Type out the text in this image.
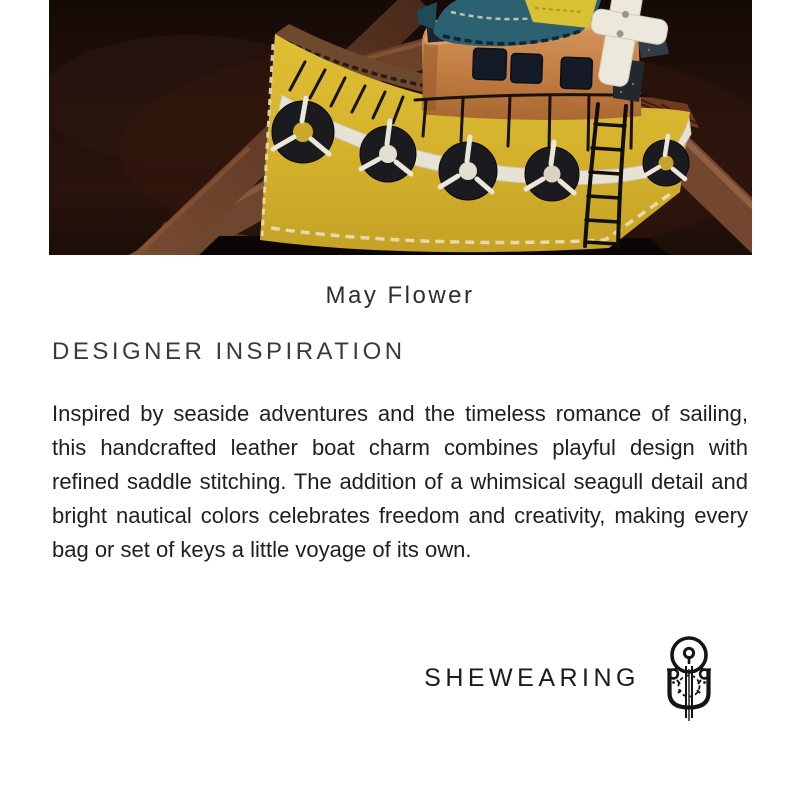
May Flower

DESIGNER INSPIRATION

Inspired by seaside adventures and the timeless romance of sailing, this handcrafted leather boat charm combines playful design with refined saddle stitching. The addition of a whimsical seagull detail and bright nautical colors celebrates freedom and creativity, making every bag or set of keys a little voyage of its own.

SHEWEARING
